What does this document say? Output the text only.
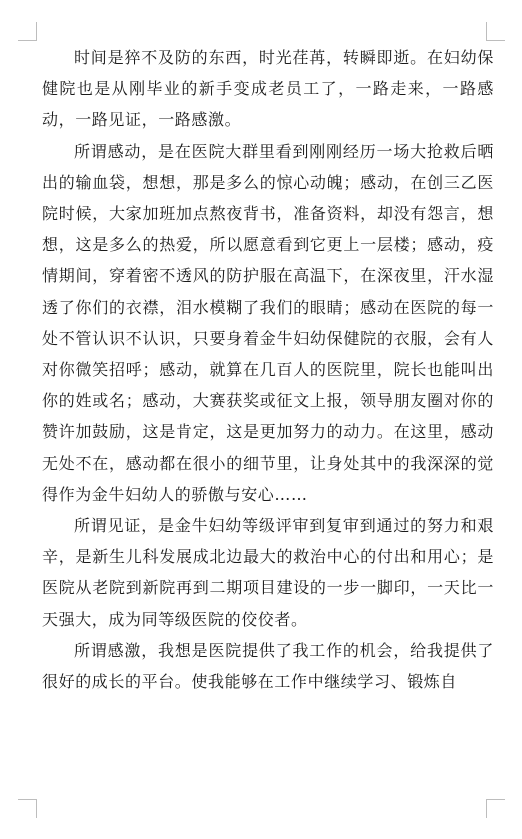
时间是猝不及防的东西，时光荏苒，转瞬即逝。在妇幼保健院也是从刚毕业的新手变成老员工了，一路走来，一路感动，一路见证，一路感激。

所谓感动，是在医院大群里看到刚刚经历一场大抢救后晒出的输血袋，想想，那是多么的惊心动魄；感动，在创三乙医院时候，大家加班加点熬夜背书，准备资料，却没有怨言，想想，这是多么的热爱，所以愿意看到它更上一层楼；感动，疫情期间，穿着密不透风的防护服在高温下，在深夜里，汗水湿透了你们的衣襟，泪水模糊了我们的眼睛；感动在医院的每一处不管认识不认识，只要身着金牛妇幼保健院的衣服，会有人对你微笑招呼；感动，就算在几百人的医院里，院长也能叫出你的姓或名；感动，大赛获奖或征文上报，领导朋友圈对你的赞许加鼓励，这是肯定，这是更加努力的动力。在这里，感动无处不在，感动都在很小的细节里，让身处其中的我深深的觉得作为金牛妇幼人的骄傲与安心……

所谓见证，是金牛妇幼等级评审到复审到通过的努力和艰辛，是新生儿科发展成北边最大的救治中心的付出和用心；是医院从老院到新院再到二期项目建设的一步一脚印，一天比一天强大，成为同等级医院的佼佼者。

所谓感激，我想是医院提供了我工作的机会，给我提供了很好的成长的平台。使我能够在工作中继续学习、锻炼自
